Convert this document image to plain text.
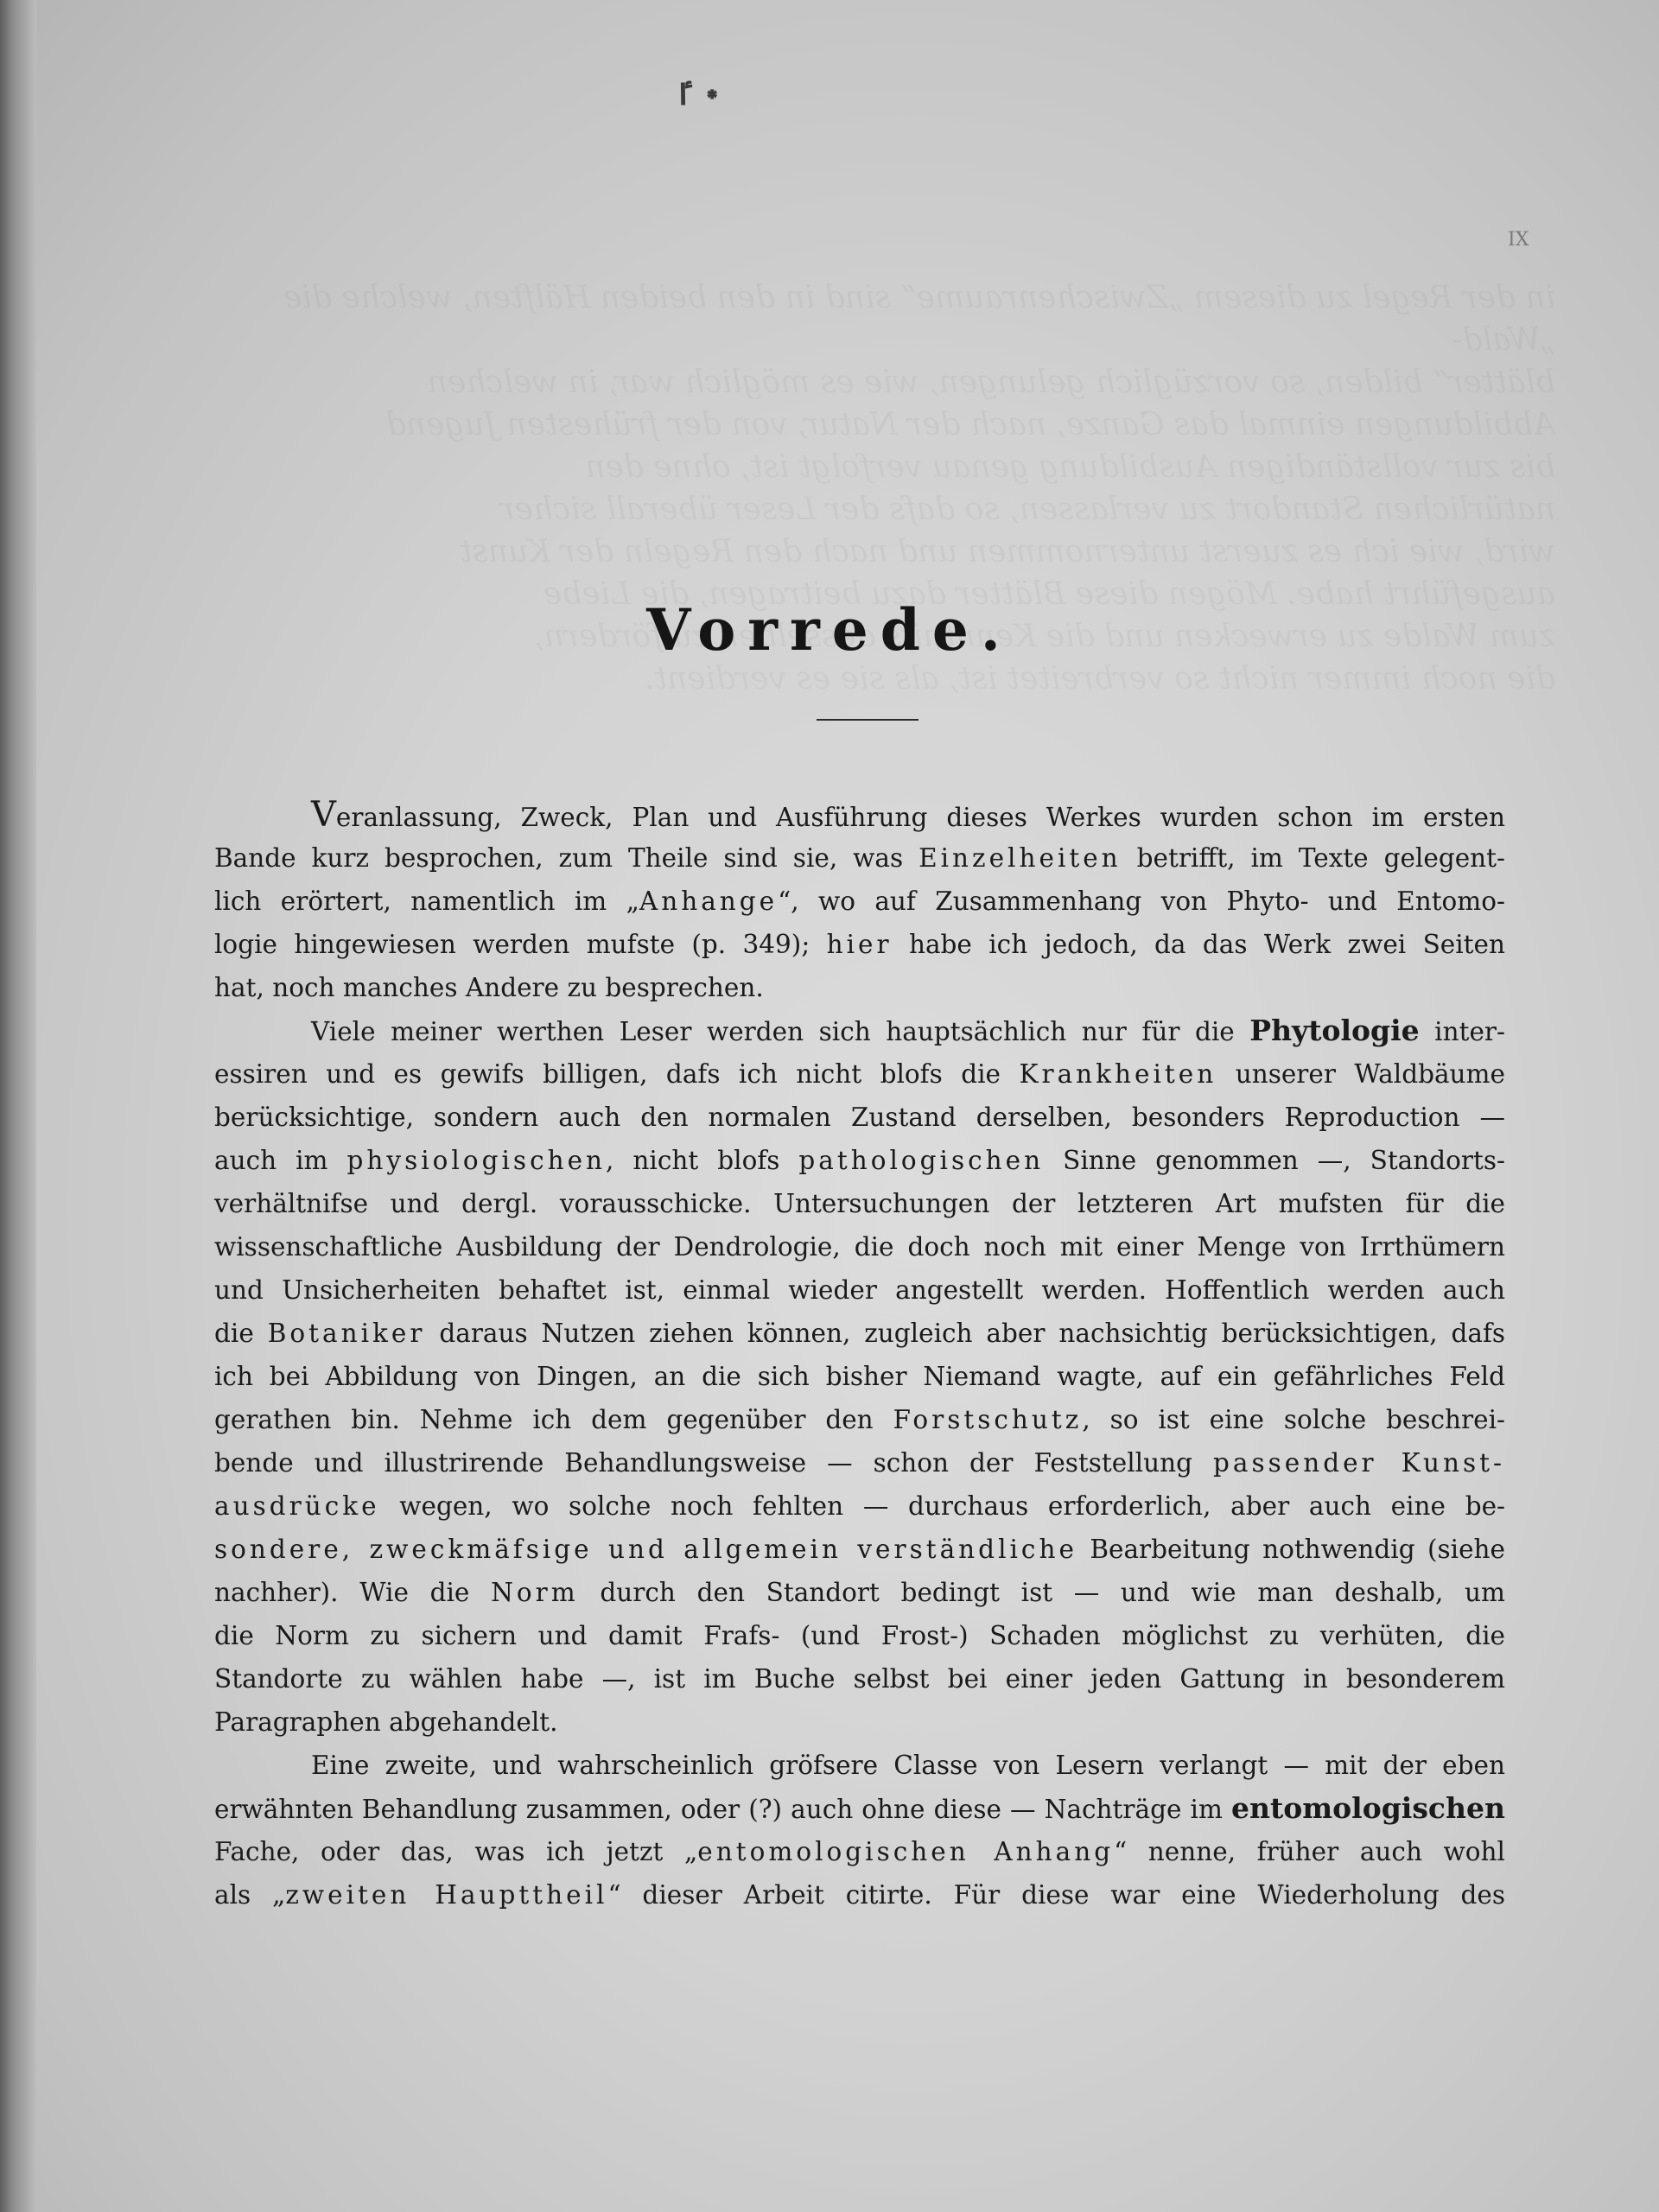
٭ ٵ
IX
Vorrede.
Veranlassung, Zweck, Plan und Ausführung dieses Werkes wurden schon im ersten
Bande kurz besprochen, zum Theile sind sie, was Einzelheiten betrifft, im Texte gelegent-
lich erörtert, namentlich im „Anhange“, wo auf Zusammenhang von Phyto- und Entomo-
logie hingewiesen werden mufste (p. 349); hier habe ich jedoch, da das Werk zwei Seiten
hat, noch manches Andere zu besprechen.
Viele meiner werthen Leser werden sich hauptsächlich nur für die Phytologie inter-
essiren und es gewifs billigen, dafs ich nicht blofs die Krankheiten unserer Waldbäume
berücksichtige, sondern auch den normalen Zustand derselben, besonders Reproduction —
auch im physiologischen, nicht blofs pathologischen Sinne genommen —, Standorts-
verhältnifse und dergl. vorausschicke. Untersuchungen der letzteren Art mufsten für die
wissenschaftliche Ausbildung der Dendrologie, die doch noch mit einer Menge von Irrthümern
und Unsicherheiten behaftet ist, einmal wieder angestellt werden. Hoffentlich werden auch
die Botaniker daraus Nutzen ziehen können, zugleich aber nachsichtig berücksichtigen, dafs
ich bei Abbildung von Dingen, an die sich bisher Niemand wagte, auf ein gefährliches Feld
gerathen bin. Nehme ich dem gegenüber den Forstschutz, so ist eine solche beschrei-
bende und illustrirende Behandlungsweise — schon der Feststellung passender Kunst-
ausdrücke wegen, wo solche noch fehlten — durchaus erforderlich, aber auch eine be-
sondere, zweckmäfsige und allgemein verständliche Bearbeitung nothwendig (siehe
nachher). Wie die Norm durch den Standort bedingt ist — und wie man deshalb, um
die Norm zu sichern und damit Frafs- (und Frost-) Schaden möglichst zu verhüten, die
Standorte zu wählen habe —, ist im Buche selbst bei einer jeden Gattung in besonderem
Paragraphen abgehandelt.
Eine zweite, und wahrscheinlich gröfsere Classe von Lesern verlangt — mit der eben
erwähnten Behandlung zusammen, oder (?) auch ohne diese — Nachträge im entomologischen
Fache, oder das, was ich jetzt „entomologischen Anhang“ nenne, früher auch wohl
als „zweiten Haupttheil“ dieser Arbeit citirte. Für diese war eine Wiederholung des
